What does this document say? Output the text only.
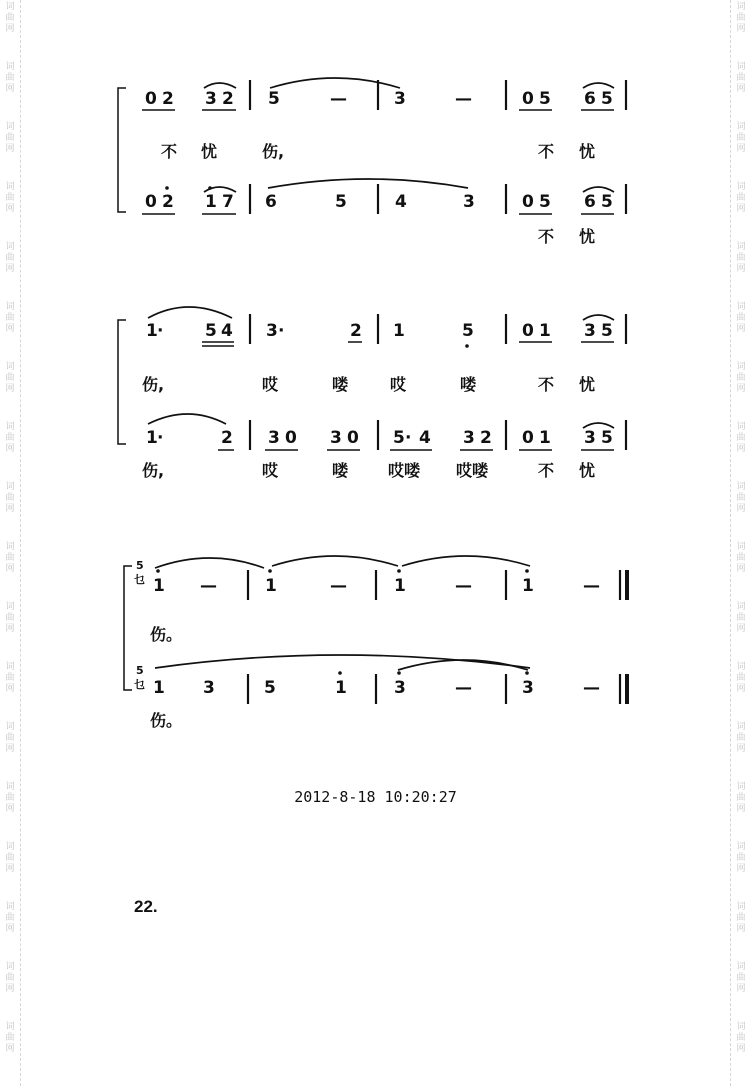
词
曲
网
词
曲
网
词
曲
网
词
曲
网
词
曲
网
词
曲
网
词
曲
网
词
曲
网
词
曲
网
词
曲
网
词
曲
网
词
曲
网
词
曲
网
词
曲
网
词
曲
网
词
曲
网
词
曲
网
词
曲
网
词
曲
网
词
曲
网
词
曲
网
词
曲
网
词
曲
网
词
曲
网
词
曲
网
词
曲
网
词
曲
网
词
曲
网
词
曲
网
词
曲
网
词
曲
网
词
曲
网
词
曲
网
词
曲
网
词
曲
网
词
曲
网
0 2 3 2 5	—	3	—	0 5 6 5
不 忧	伤,	不 忧
0 2 1 7 6	5	4	3	0 5 6 5
不 忧
1 · 5 4 3 ·	2 1	5	0 1 3 5
伤,	哎	喽	哎	喽	不 忧
1 ·	2 3 0 3 0 5 · 4 3 2 0 1 3 5
伤,	哎	喽 哎喽 哎喽	不 忧
5
乜 1 —	1	—	1	—	1	—
伤。
5
乜 1 3	5	1	3	—	3	—
伤。
2012-8-18 10:20:27
22.
